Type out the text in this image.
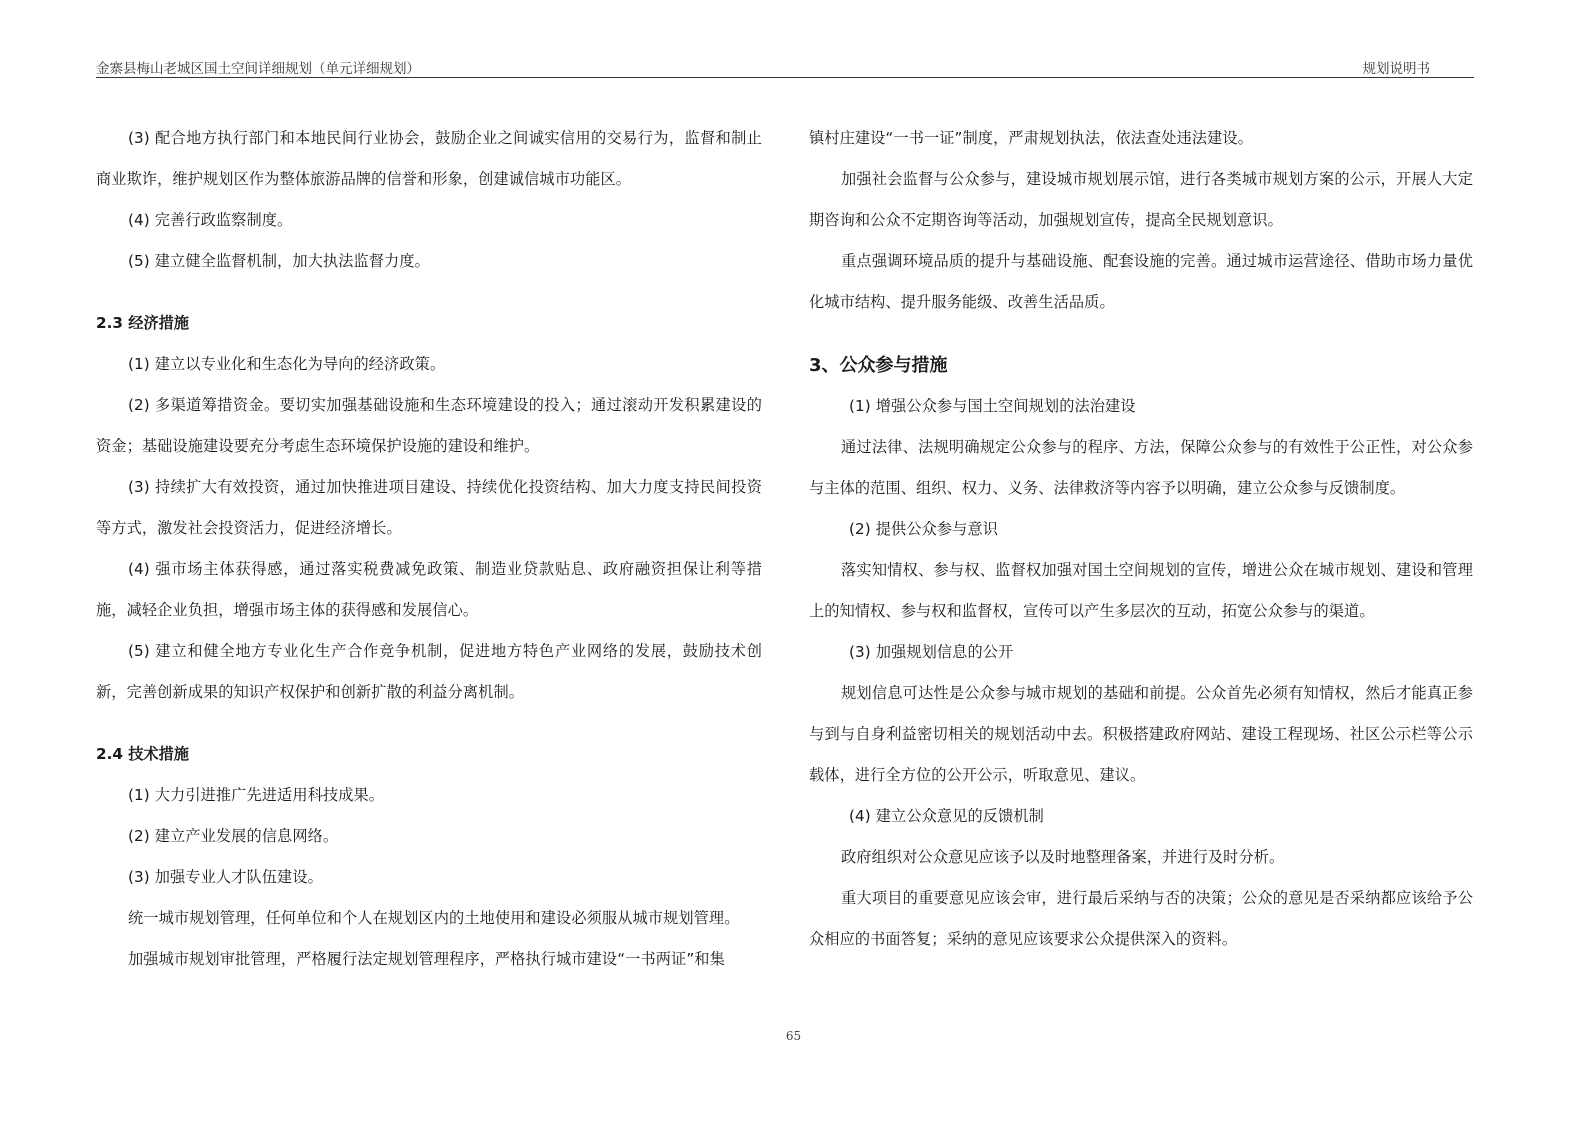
金寨县梅山老城区国土空间详细规划（单元详细规划）	规划说明书

(3) 配合地方执行部门和本地民间行业协会，鼓励企业之间诚实信用的交易行为，监督和制止商业欺诈，维护规划区作为整体旅游品牌的信誉和形象，创建诚信城市功能区。

(4) 完善行政监察制度。

(5) 建立健全监督机制，加大执法监督力度。

2.3 经济措施

(1) 建立以专业化和生态化为导向的经济政策。

(2) 多渠道筹措资金。要切实加强基础设施和生态环境建设的投入；通过滚动开发积累建设的资金；基础设施建设要充分考虑生态环境保护设施的建设和维护。

(3) 持续扩大有效投资，通过加快推进项目建设、持续优化投资结构、加大力度支持民间投资等方式，激发社会投资活力，促进经济增长。

(4) 强市场主体获得感，通过落实税费减免政策、制造业贷款贴息、政府融资担保让利等措施，减轻企业负担，增强市场主体的获得感和发展信心。

(5) 建立和健全地方专业化生产合作竞争机制，促进地方特色产业网络的发展，鼓励技术创新，完善创新成果的知识产权保护和创新扩散的利益分离机制。

2.4 技术措施

(1) 大力引进推广先进适用科技成果。

(2) 建立产业发展的信息网络。

(3) 加强专业人才队伍建设。

统一城市规划管理，任何单位和个人在规划区内的土地使用和建设必须服从城市规划管理。

加强城市规划审批管理，严格履行法定规划管理程序，严格执行城市建设“一书两证”和集

镇村庄建设“一书一证”制度，严肃规划执法，依法查处违法建设。

加强社会监督与公众参与，建设城市规划展示馆，进行各类城市规划方案的公示，开展人大定期咨询和公众不定期咨询等活动，加强规划宣传，提高全民规划意识。

重点强调环境品质的提升与基础设施、配套设施的完善。通过城市运营途径、借助市场力量优化城市结构、提升服务能级、改善生活品质。

3、公众参与措施

(1) 增强公众参与国土空间规划的法治建设

通过法律、法规明确规定公众参与的程序、方法，保障公众参与的有效性于公正性，对公众参与主体的范围、组织、权力、义务、法律救济等内容予以明确，建立公众参与反馈制度。

(2) 提供公众参与意识

落实知情权、参与权、监督权加强对国土空间规划的宣传，增进公众在城市规划、建设和管理上的知情权、参与权和监督权，宣传可以产生多层次的互动，拓宽公众参与的渠道。

(3) 加强规划信息的公开

规划信息可达性是公众参与城市规划的基础和前提。公众首先必须有知情权，然后才能真正参与到与自身利益密切相关的规划活动中去。积极搭建政府网站、建设工程现场、社区公示栏等公示载体，进行全方位的公开公示，听取意见、建议。

(4) 建立公众意见的反馈机制

政府组织对公众意见应该予以及时地整理备案，并进行及时分析。

重大项目的重要意见应该会审，进行最后采纳与否的决策；公众的意见是否采纳都应该给予公众相应的书面答复；采纳的意见应该要求公众提供深入的资料。

65
